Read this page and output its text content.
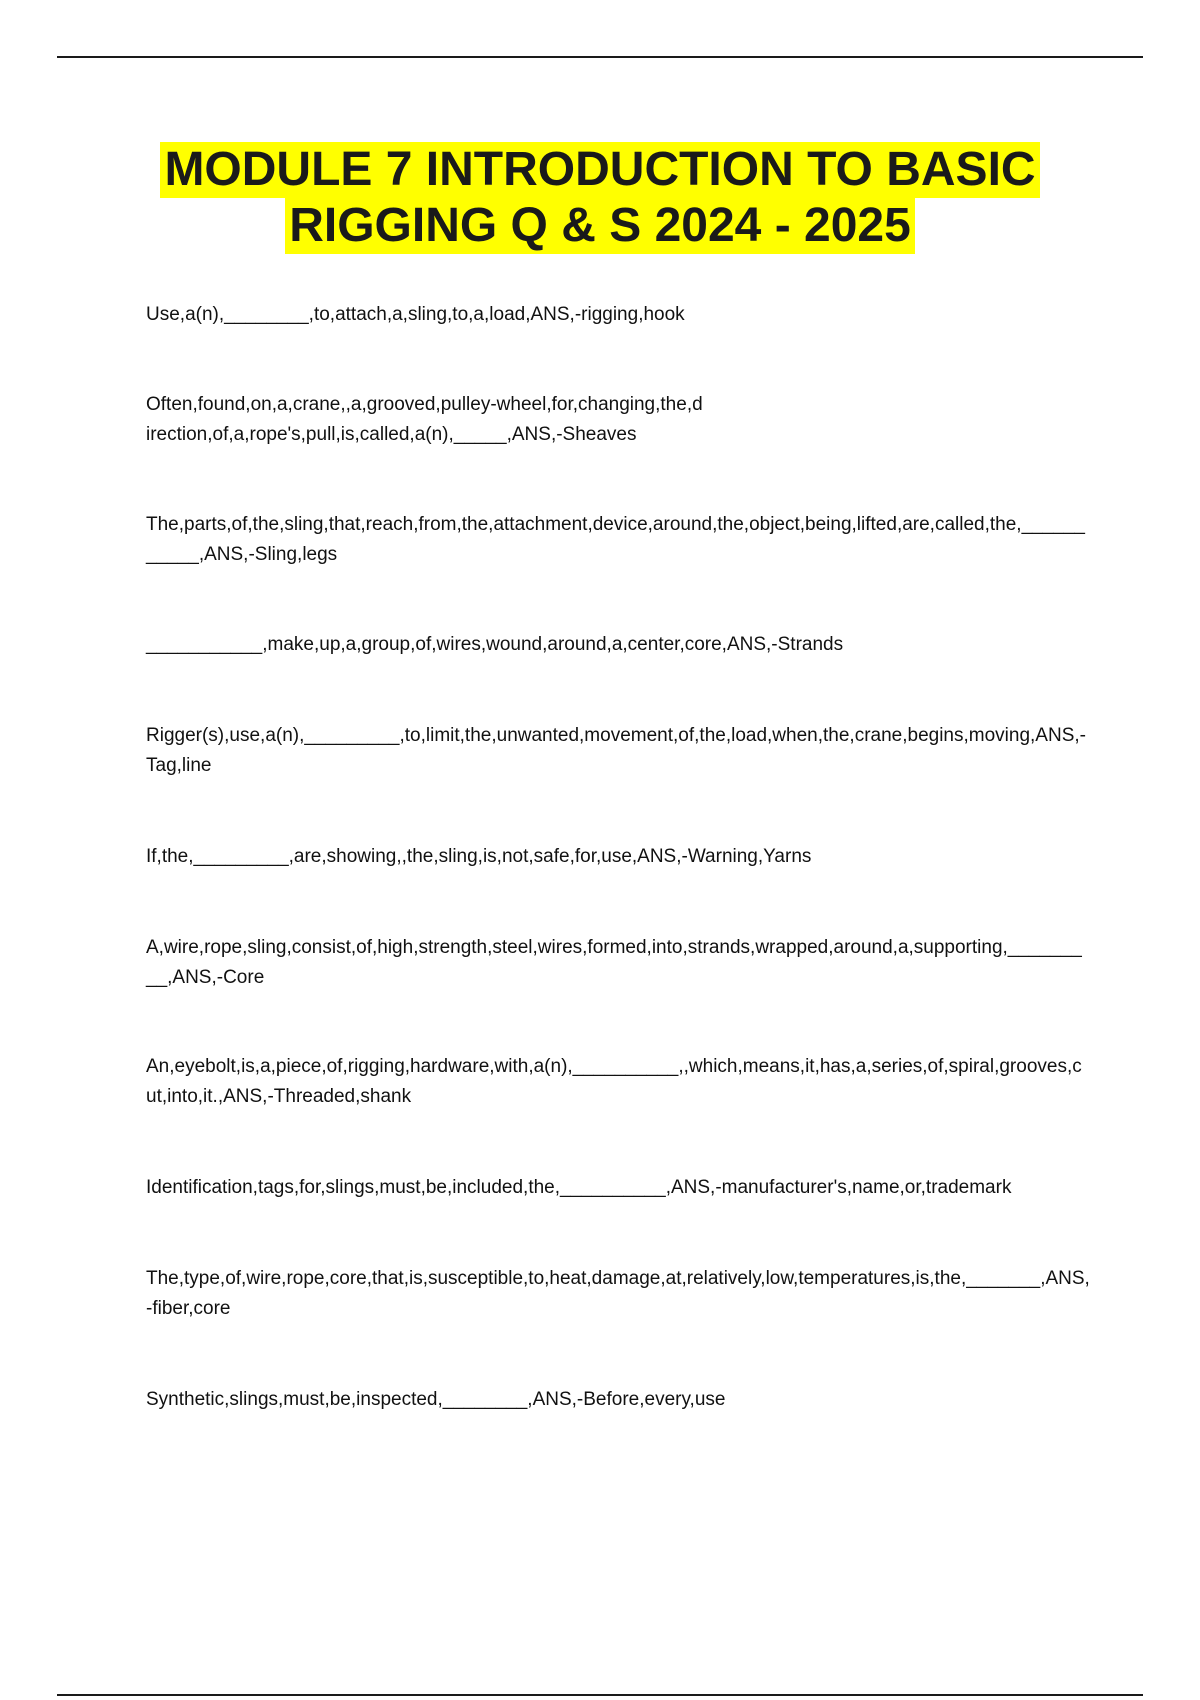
MODULE 7 INTRODUCTION TO BASIC
RIGGING Q & S 2024 - 2025
Use,a(n),________,to,attach,a,sling,to,a,load,ANS,-rigging,hook
Often,found,on,a,crane,,a,grooved,pulley-wheel,for,changing,the,direction,of,a,rope's,pull,is,called,a(n),_____,ANS,-Sheaves
The,parts,of,the,sling,that,reach,from,the,attachment,device,around,the,object,being,lifted,are,called,the,___________,ANS,-Sling,legs
___________,make,up,a,group,of,wires,wound,around,a,center,core,ANS,-Strands
Rigger(s),use,a(n),_________,to,limit,the,unwanted,movement,of,the,load,when,the,crane,begins,moving,ANS,-Tag,line
If,the,_________,are,showing,,the,sling,is,not,safe,for,use,ANS,-Warning,Yarns
A,wire,rope,sling,consist,of,high,strength,steel,wires,formed,into,strands,wrapped,around,a,supporting,_________,ANS,-Core
An,eyebolt,is,a,piece,of,rigging,hardware,with,a(n),__________,,which,means,it,has,a,series,of,spiral,grooves,cut,into,it.,ANS,-Threaded,shank
Identification,tags,for,slings,must,be,included,the,__________,ANS,-manufacturer's,name,or,trademark
The,type,of,wire,rope,core,that,is,susceptible,to,heat,damage,at,relatively,low,temperatures,is,the,_______,ANS,-fiber,core
Synthetic,slings,must,be,inspected,________,ANS,-Before,every,use
